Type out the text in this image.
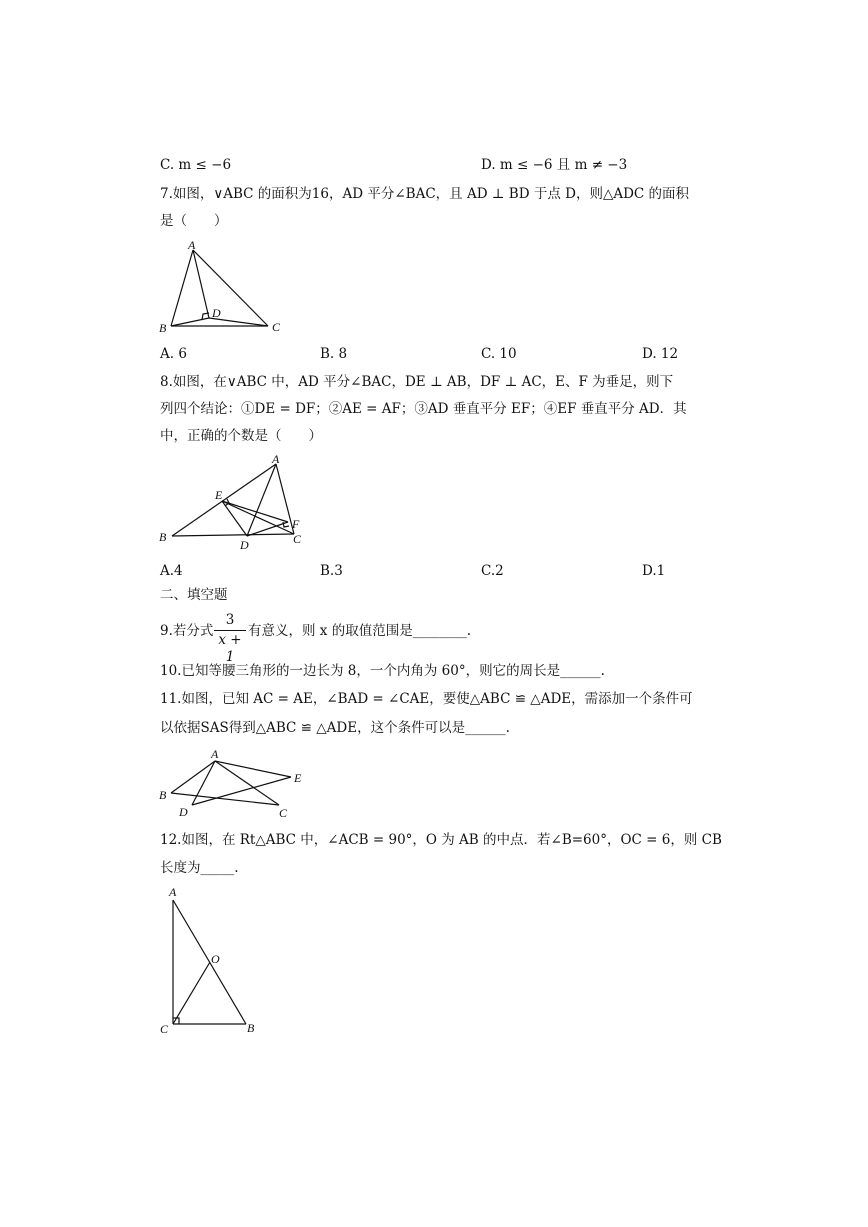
C. m ≤ −6	D. m ≤ −6 且 m ≠ −3
7.如图，∨ABC 的面积为16，AD 平分∠BAC，且 AD ⊥ BD 于点 D，则△ADC 的面积
是（　　）
A
B	C
D
A. 6	B. 8	C. 10	D. 12
8.如图，在∨ABC 中，AD 平分∠BAC，DE ⊥ AB，DF ⊥ AC，E、F 为垂足，则下
列四个结论：①DE = DF；②AE = AF；③AD 垂直平分 EF；④EF 垂直平分 AD．其
中，正确的个数是（　　）
A
B	C
D
E
F
A.4	B.3	C.2	D.1
二、填空题
9.若分式
3
x + 1
有意义，则 x 的取值范围是________.
10.已知等腰三角形的一边长为 8，一个内角为 60°，则它的周长是______.
11.如图，已知 AC = AE，∠BAD = ∠CAE，要使△ABC ≌ △ADE，需添加一个条件可
以依据SAS得到△ABC ≌ △ADE，这个条件可以是______.
A
B
C
D
E
12.如图，在 Rt△ABC 中，∠ACB = 90°，O 为 AB 的中点．若∠B=60°，OC = 6，则 CB
长度为_____.
A
C	B
O
